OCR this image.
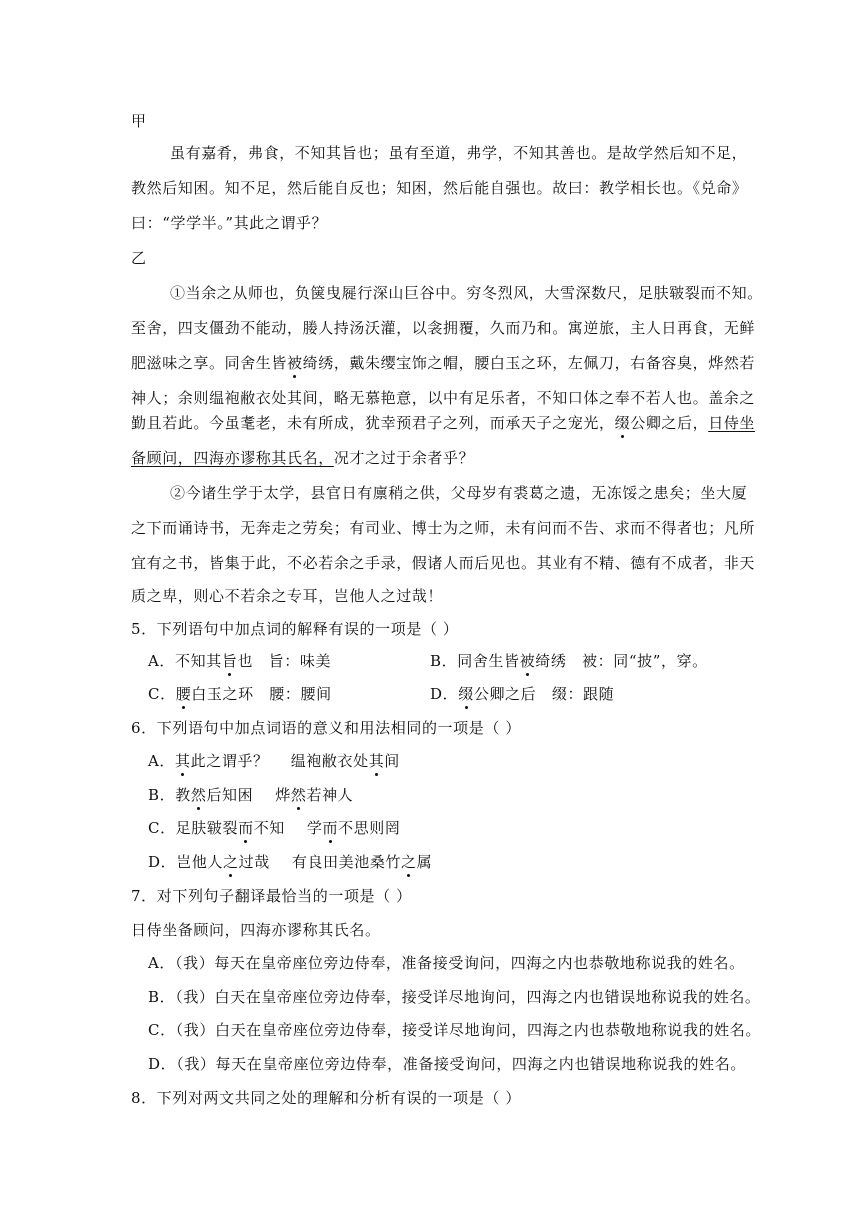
甲
虽有嘉肴，弗食，不知其旨也；虽有至道，弗学，不知其善也。是故学然后知不足，
教然后知困。知不足，然后能自反也；知困，然后能自强也。故曰：教学相长也。《兑命》
曰：“学学半。”其此之谓乎？
乙
①当余之从师也，负箧曳屣行深山巨谷中。穷冬烈风，大雪深数尺，足肤皲裂而不知。
至舍，四支僵劲不能动，媵人持汤沃灌，以衾拥覆，久而乃和。寓逆旅，主人日再食，无鲜
肥滋味之享。同舍生皆被绮绣，戴朱缨宝饰之帽，腰白玉之环，左佩刀，右备容臭，烨然若
神人；余则缊袍敝衣处其间，略无慕艳意，以中有足乐者，不知口体之奉不若人也。盖余之
勤且若此。今虽耄老，未有所成，犹幸预君子之列，而承天子之宠光，缀公卿之后，日侍坐
备顾问，四海亦谬称其氏名，况才之过于余者乎？
②今诸生学于太学，县官日有廪稍之供，父母岁有裘葛之遗，无冻馁之患矣；坐大厦
之下而诵诗书，无奔走之劳矣；有司业、博士为之师，未有问而不告、求而不得者也；凡所
宜有之书，皆集于此，不必若余之手录，假诸人而后见也。其业有不精、德有不成者，非天
质之卑，则心不若余之专耳，岂他人之过哉！
5．下列语句中加点词的解释有误的一项是（ ）
A．不知其旨也　旨：味美	B．同舍生皆被绮绣　被：同“披”，穿。
C．腰白玉之环　腰：腰间	D．缀公卿之后　缀：跟随
6．下列语句中加点词语的意义和用法相同的一项是（ ）
A．其此之谓乎？ 缊袍敝衣处其间
B．教然后知困 烨然若神人
C．足肤皲裂而不知 学而不思则罔
D．岂他人之过哉 有良田美池桑竹之属
7．对下列句子翻译最恰当的一项是（ ）
日侍坐备顾问，四海亦谬称其氏名。
A．（我）每天在皇帝座位旁边侍奉，准备接受询问，四海之内也恭敬地称说我的姓名。
B．（我）白天在皇帝座位旁边侍奉，接受详尽地询问，四海之内也错误地称说我的姓名。
C．（我）白天在皇帝座位旁边侍奉，接受详尽地询问，四海之内也恭敬地称说我的姓名。
D．（我）每天在皇帝座位旁边侍奉，准备接受询问，四海之内也错误地称说我的姓名。
8．下列对两文共同之处的理解和分析有误的一项是（ ）
